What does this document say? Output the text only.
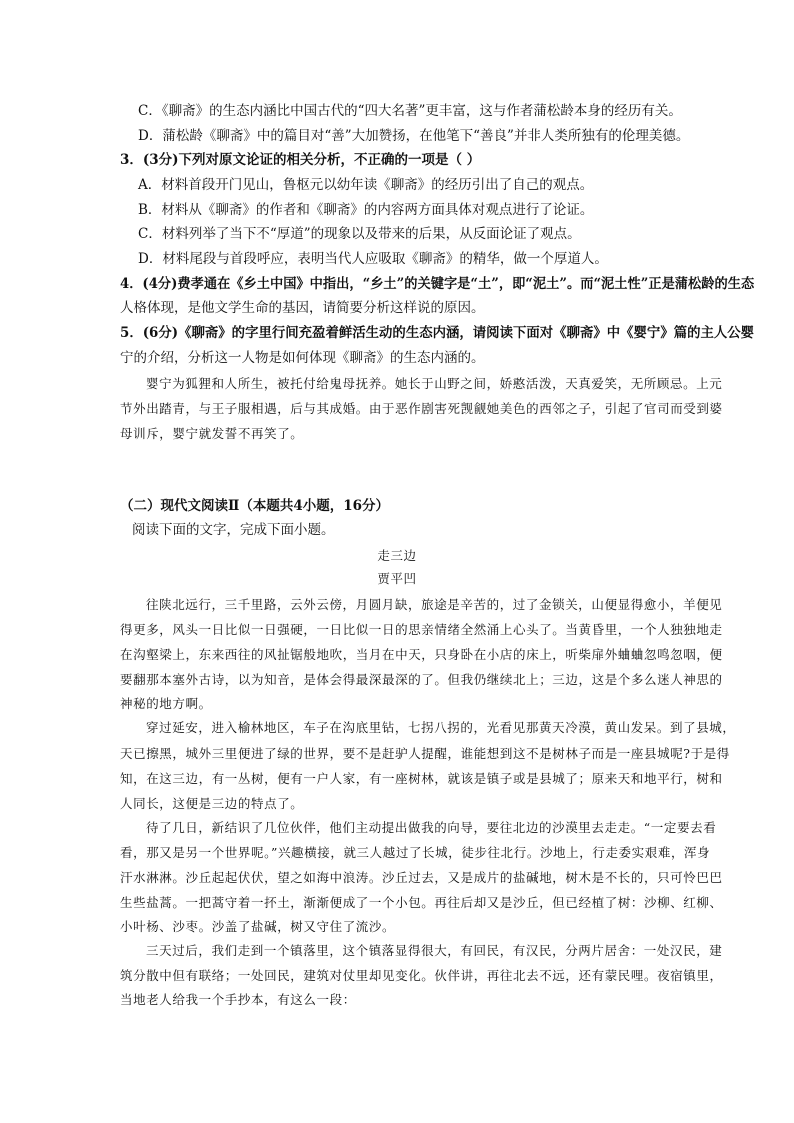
C．《聊斋》的生态内涵比中国古代的“四大名著”更丰富，这与作者蒲松龄本身的经历有关。
D．蒲松龄《聊斋》中的篇目对“善”大加赞扬，在他笔下“善良”并非人类所独有的伦理美德。
3．(3分)下列对原文论证的相关分析，不正确的一项是（ ）
A．材料首段开门见山，鲁枢元以幼年读《聊斋》的经历引出了自己的观点。
B．材料从《聊斋》的作者和《聊斋》的内容两方面具体对观点进行了论证。
C．材料列举了当下不“厚道”的现象以及带来的后果，从反面论证了观点。
D．材料尾段与首段呼应，表明当代人应吸取《聊斋》的精华，做一个厚道人。
4．(4分)费孝通在《乡土中国》中指出，“乡土”的关键字是“土”，即“泥土”。而“泥土性”正是蒲松龄的生态
人格体现，是他文学生命的基因，请简要分析这样说的原因。
5．(6分)《聊斋》的字里行间充盈着鲜活生动的生态内涵，请阅读下面对《聊斋》中《婴宁》篇的主人公婴
宁的介绍，分析这一人物是如何体现《聊斋》的生态内涵的。
婴宁为狐狸和人所生，被托付给鬼母抚养。她长于山野之间，娇憨活泼，天真爱笑，无所顾忌。上元
节外出踏青，与王子服相遇，后与其成婚。由于恶作剧害死觊觎她美色的西邻之子，引起了官司而受到婆
母训斥，婴宁就发誓不再笑了。
（二）现代文阅读Ⅱ（本题共4小题，16分）
阅读下面的文字，完成下面小题。
走三边
贾平凹
往陕北远行，三千里路，云外云傍，月圆月缺，旅途是辛苦的，过了金锁关，山便显得愈小，羊便见
得更多，风头一日比似一日强硬，一日比似一日的思亲情绪全然涌上心头了。当黄昏里，一个人独独地走
在沟壑梁上，东来西往的风扯锯般地吹，当月在中天，只身卧在小店的床上，听柴扉外蛐蛐忽鸣忽咽，便
要翻那本塞外古诗，以为知音，是体会得最深最深的了。但我仍继续北上；三边，这是个多么迷人神思的
神秘的地方啊。
穿过延安，进入榆林地区，车子在沟底里钻，七拐八拐的，光看见那黄天冷漠，黄山发呆。到了县城，
天已擦黑，城外三里便进了绿的世界，要不是赶驴人提醒，谁能想到这不是树林子而是一座县城呢?于是得
知，在这三边，有一丛树，便有一户人家，有一座树林，就该是镇子或是县城了；原来天和地平行，树和
人同长，这便是三边的特点了。
待了几日，新结识了几位伙伴，他们主动提出做我的向导，要往北边的沙漠里去走走。“一定要去看
看，那又是另一个世界呢。”兴趣横接，就三人越过了长城，徒步往北行。沙地上，行走委实艰难，浑身
汗水淋淋。沙丘起起伏伏，望之如海中浪涛。沙丘过去，又是成片的盐碱地，树木是不长的，只可怜巴巴
生些盐蒿。一把蒿守着一抔土，渐渐便成了一个小包。再往后却又是沙丘，但已经植了树：沙柳、红柳、
小叶杨、沙枣。沙盖了盐碱，树又守住了流沙。
三天过后，我们走到一个镇落里，这个镇落显得很大，有回民，有汉民，分两片居舍：一处汉民，建
筑分散中但有联络；一处回民，建筑对仗里却见变化。伙伴讲，再往北去不远，还有蒙民哩。夜宿镇里，
当地老人给我一个手抄本，有这么一段：
